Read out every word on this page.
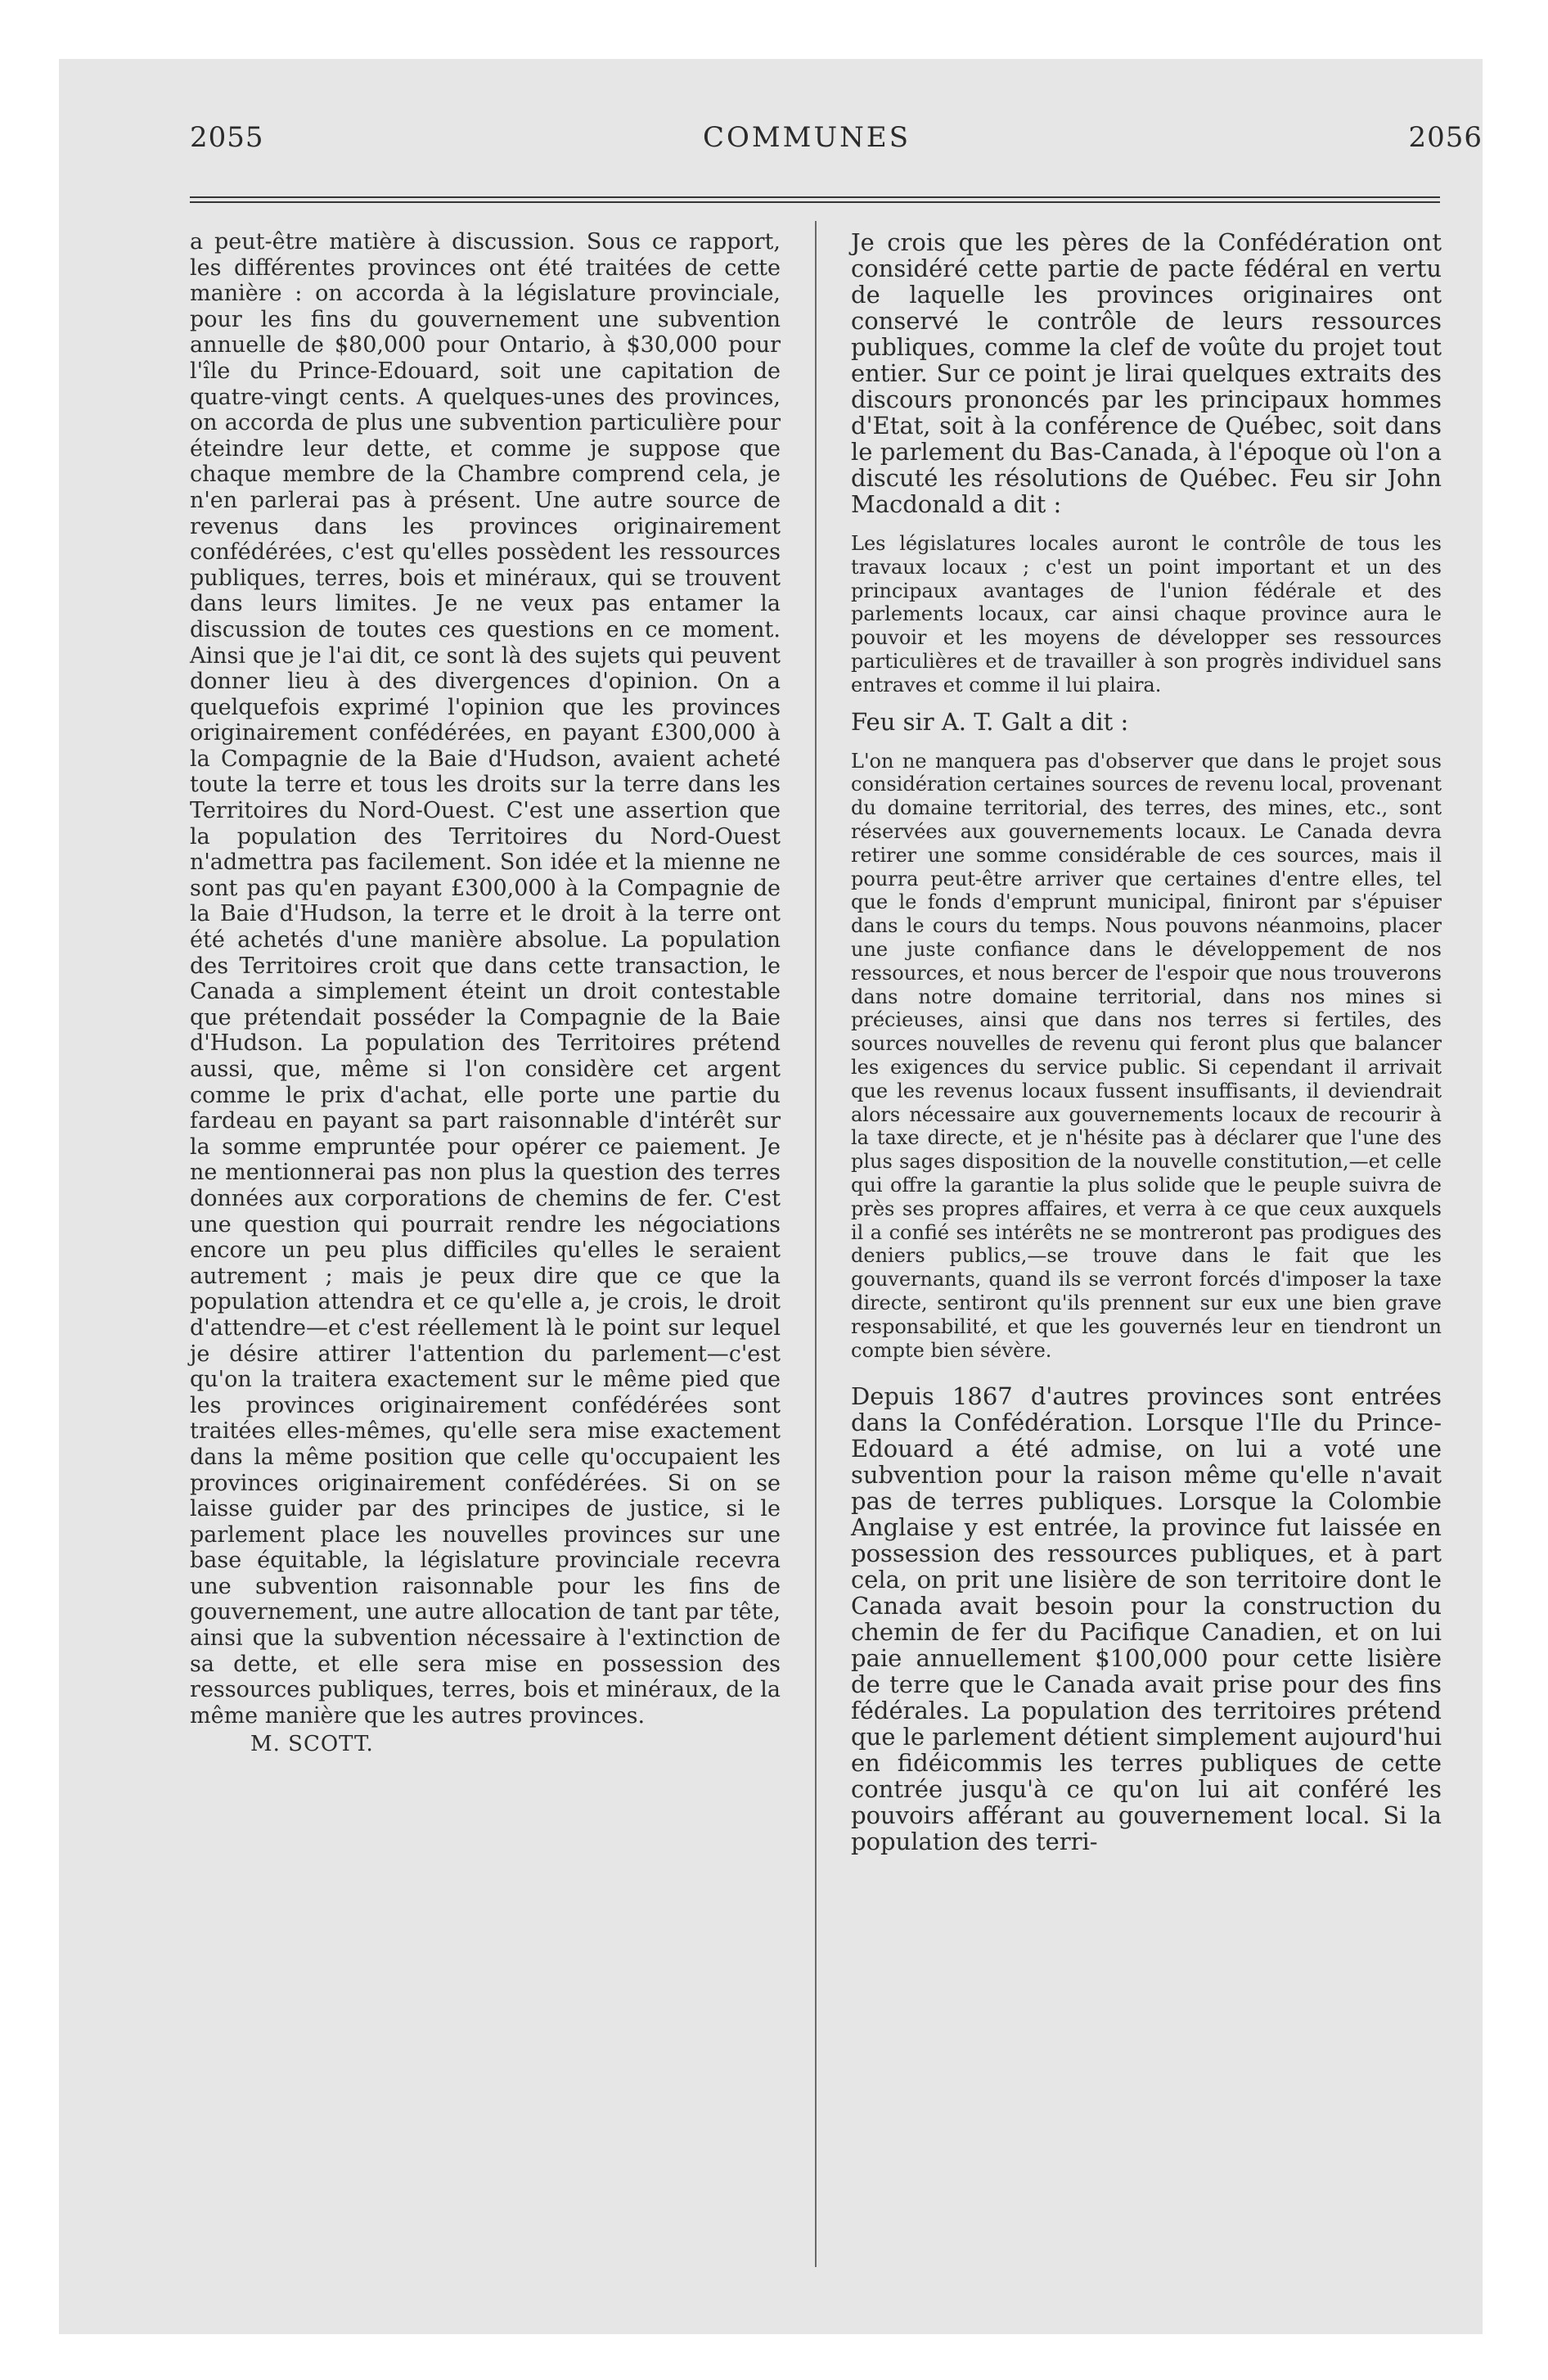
2055	COMMUNES	2056

a peut-être matière à discussion. Sous ce rapport, les différentes provinces ont été traitées de cette manière : on accorda à la législature provinciale, pour les fins du gouvernement une subvention annuelle de $80,000 pour Ontario, à $30,000 pour l'île du Prince-Edouard, soit une capitation de quatre-vingt cents. A quelques-unes des provinces, on accorda de plus une subvention particulière pour éteindre leur dette, et comme je suppose que chaque membre de la Chambre comprend cela, je n'en parlerai pas à présent. Une autre source de revenus dans les provinces originairement confédérées, c'est qu'elles possèdent les ressources publiques, terres, bois et minéraux, qui se trouvent dans leurs limites. Je ne veux pas entamer la discussion de toutes ces questions en ce moment. Ainsi que je l'ai dit, ce sont là des sujets qui peuvent donner lieu à des divergences d'opinion. On a quelquefois exprimé l'opinion que les provinces originairement confédérées, en payant £300,000 à la Compagnie de la Baie d'Hudson, avaient acheté toute la terre et tous les droits sur la terre dans les Territoires du Nord-Ouest. C'est une assertion que la population des Territoires du Nord-Ouest n'admettra pas facilement. Son idée et la mienne ne sont pas qu'en payant £300,000 à la Compagnie de la Baie d'Hudson, la terre et le droit à la terre ont été achetés d'une manière absolue. La population des Territoires croit que dans cette transaction, le Canada a simplement éteint un droit contestable que prétendait posséder la Compagnie de la Baie d'Hudson. La population des Territoires prétend aussi, que, même si l'on considère cet argent comme le prix d'achat, elle porte une partie du fardeau en payant sa part raisonnable d'intérêt sur la somme empruntée pour opérer ce paiement. Je ne mentionnerai pas non plus la question des terres données aux corporations de chemins de fer. C'est une question qui pourrait rendre les négociations encore un peu plus difficiles qu'elles le seraient autrement ; mais je peux dire que ce que la population attendra et ce qu'elle a, je crois, le droit d'attendre—et c'est réellement là le point sur lequel je désire attirer l'attention du parlement—c'est qu'on la traitera exactement sur le même pied que les provinces originairement confédérées sont traitées elles-mêmes, qu'elle sera mise exactement dans la même position que celle qu'occupaient les provinces originairement confédérées. Si on se laisse guider par des principes de justice, si le parlement place les nouvelles provinces sur une base équitable, la législature provinciale recevra une subvention raisonnable pour les fins de gouvernement, une autre allocation de tant par tête, ainsi que la subvention nécessaire à l'extinction de sa dette, et elle sera mise en possession des ressources publiques, terres, bois et minéraux, de la même manière que les autres provinces.

M. SCOTT.

Je crois que les pères de la Confédération ont considéré cette partie de pacte fédéral en vertu de laquelle les provinces originaires ont conservé le contrôle de leurs ressources publiques, comme la clef de voûte du projet tout entier. Sur ce point je lirai quelques extraits des discours prononcés par les principaux hommes d'Etat, soit à la conférence de Québec, soit dans le parlement du Bas-Canada, à l'époque où l'on a discuté les résolutions de Québec. Feu sir John Macdonald a dit :

Les législatures locales auront le contrôle de tous les travaux locaux ; c'est un point important et un des principaux avantages de l'union fédérale et des parlements locaux, car ainsi chaque province aura le pouvoir et les moyens de développer ses ressources particulières et de travailler à son progrès individuel sans entraves et comme il lui plaira.

Feu sir A. T. Galt a dit :

L'on ne manquera pas d'observer que dans le projet sous considération certaines sources de revenu local, provenant du domaine territorial, des terres, des mines, etc., sont réservées aux gouvernements locaux. Le Canada devra retirer une somme considérable de ces sources, mais il pourra peut-être arriver que certaines d'entre elles, tel que le fonds d'emprunt municipal, finiront par s'épuiser dans le cours du temps. Nous pouvons néanmoins, placer une juste confiance dans le développement de nos ressources, et nous bercer de l'espoir que nous trouverons dans notre domaine territorial, dans nos mines si précieuses, ainsi que dans nos terres si fertiles, des sources nouvelles de revenu qui feront plus que balancer les exigences du service public. Si cependant il arrivait que les revenus locaux fussent insuffisants, il deviendrait alors nécessaire aux gouvernements locaux de recourir à la taxe directe, et je n'hésite pas à déclarer que l'une des plus sages disposition de la nouvelle constitution,—et celle qui offre la garantie la plus solide que le peuple suivra de près ses propres affaires, et verra à ce que ceux auxquels il a confié ses intérêts ne se montreront pas prodigues des deniers publics,—se trouve dans le fait que les gouvernants, quand ils se verront forcés d'imposer la taxe directe, sentiront qu'ils prennent sur eux une bien grave responsabilité, et que les gouvernés leur en tiendront un compte bien sévère.

Depuis 1867 d'autres provinces sont entrées dans la Confédération. Lorsque l'Ile du Prince-Edouard a été admise, on lui a voté une subvention pour la raison même qu'elle n'avait pas de terres publiques. Lorsque la Colombie Anglaise y est entrée, la province fut laissée en possession des ressources publiques, et à part cela, on prit une lisière de son territoire dont le Canada avait besoin pour la construction du chemin de fer du Pacifique Canadien, et on lui paie annuellement $100,000 pour cette lisière de terre que le Canada avait prise pour des fins fédérales. La population des territoires prétend que le parlement détient simplement aujourd'hui en fidéicommis les terres publiques de cette contrée jusqu'à ce qu'on lui ait conféré les pouvoirs afférant au gouvernement local. Si la population des terri-
